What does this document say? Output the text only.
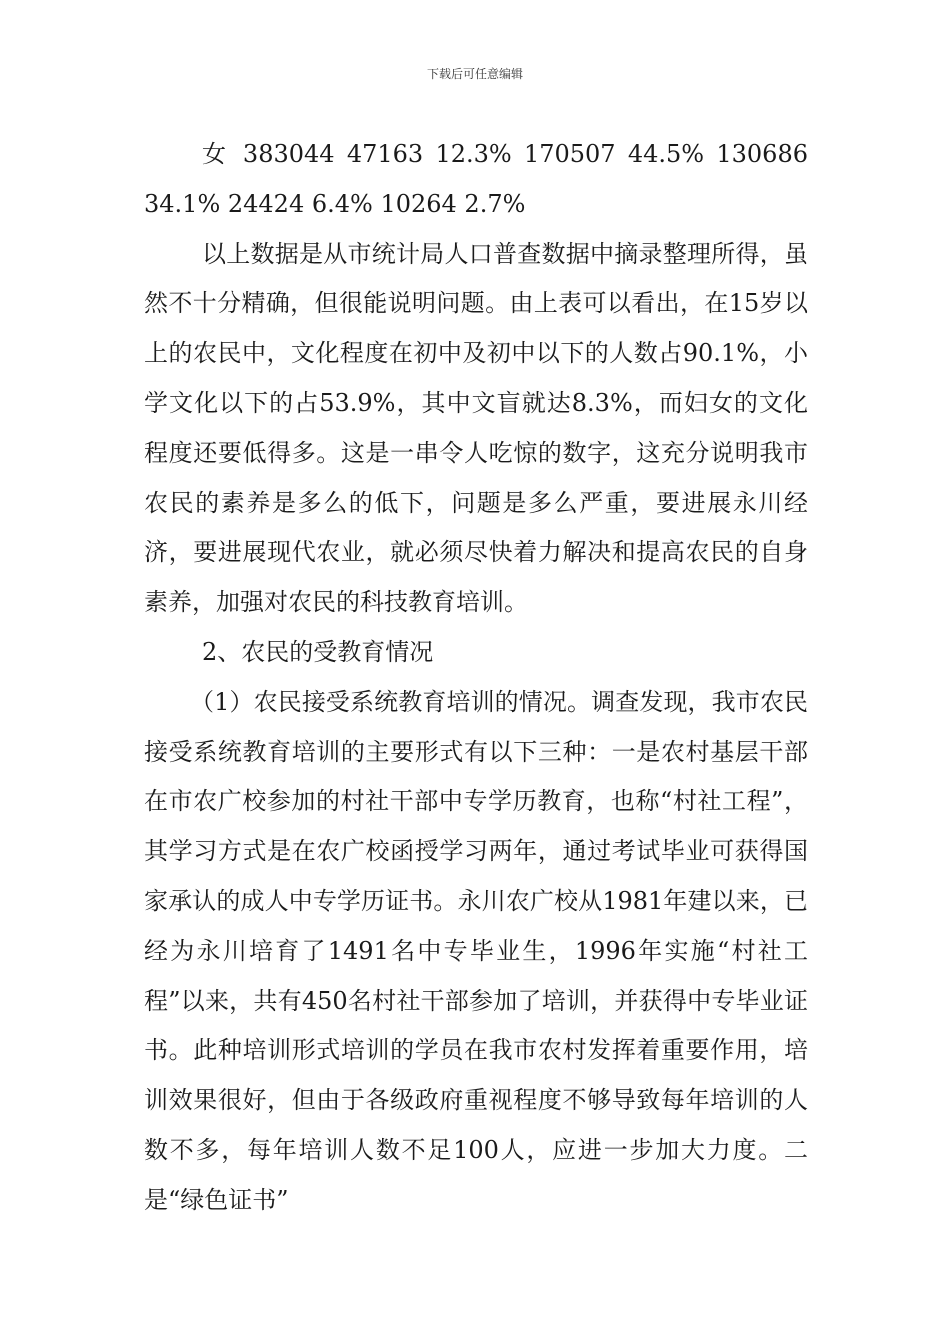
下载后可任意编辑

女 383044 47163 12.3% 170507 44.5% 130686 34.1% 24424 6.4% 10264 2.7%

以上数据是从市统计局人口普查数据中摘录整理所得，虽然不十分精确，但很能说明问题。由上表可以看出，在15岁以上的农民中，文化程度在初中及初中以下的人数占90.1%，小学文化以下的占53.9%，其中文盲就达8.3%，而妇女的文化程度还要低得多。这是一串令人吃惊的数字，这充分说明我市农民的素养是多么的低下，问题是多么严重，要进展永川经济，要进展现代农业，就必须尽快着力解决和提高农民的自身素养，加强对农民的科技教育培训。

2、农民的受教育情况

（1）农民接受系统教育培训的情况。调查发现，我市农民接受系统教育培训的主要形式有以下三种：一是农村基层干部在市农广校参加的村社干部中专学历教育，也称“村社工程”，其学习方式是在农广校函授学习两年，通过考试毕业可获得国家承认的成人中专学历证书。永川农广校从1981年建以来，已经为永川培育了1491名中专毕业生，1996年实施“村社工程”以来，共有450名村社干部参加了培训，并获得中专毕业证书。此种培训形式培训的学员在我市农村发挥着重要作用，培训效果很好，但由于各级政府重视程度不够导致每年培训的人数不多，每年培训人数不足100人，应进一步加大力度。二是“绿色证书”
